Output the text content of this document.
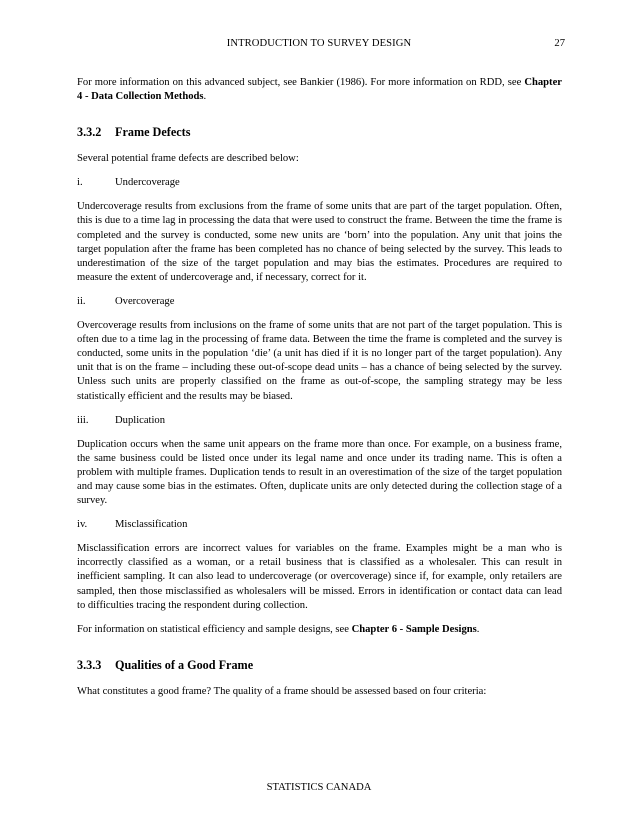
INTRODUCTION TO SURVEY DESIGN	27

For more information on this advanced subject, see Bankier (1986). For more information on RDD, see Chapter 4 - Data Collection Methods.

3.3.2	Frame Defects

Several potential frame defects are described below:

i.	Undercoverage

Undercoverage results from exclusions from the frame of some units that are part of the target population. Often, this is due to a time lag in processing the data that were used to construct the frame. Between the time the frame is completed and the survey is conducted, some new units are ‘born’ into the population. Any unit that joins the target population after the frame has been completed has no chance of being selected by the survey. This leads to underestimation of the size of the target population and may bias the estimates. Procedures are required to measure the extent of undercoverage and, if necessary, correct for it.

ii.	Overcoverage

Overcoverage results from inclusions on the frame of some units that are not part of the target population. This is often due to a time lag in the processing of frame data. Between the time the frame is completed and the survey is conducted, some units in the population ‘die’ (a unit has died if it is no longer part of the target population). Any unit that is on the frame – including these out-of-scope dead units – has a chance of being selected by the survey. Unless such units are properly classified on the frame as out-of-scope, the sampling strategy may be less statistically efficient and the results may be biased.

iii.	Duplication

Duplication occurs when the same unit appears on the frame more than once. For example, on a business frame, the same business could be listed once under its legal name and once under its trading name. This is often a problem with multiple frames. Duplication tends to result in an overestimation of the size of the target population and may cause some bias in the estimates. Often, duplicate units are only detected during the collection stage of a survey.

iv.	Misclassification

Misclassification errors are incorrect values for variables on the frame. Examples might be a man who is incorrectly classified as a woman, or a retail business that is classified as a wholesaler. This can result in inefficient sampling. It can also lead to undercoverage (or overcoverage) since if, for example, only retailers are sampled, then those misclassified as wholesalers will be missed. Errors in identification or contact data can lead to difficulties tracing the respondent during collection.

For information on statistical efficiency and sample designs, see Chapter 6 - Sample Designs.

3.3.3	Qualities of a Good Frame

What constitutes a good frame? The quality of a frame should be assessed based on four criteria:

STATISTICS CANADA
